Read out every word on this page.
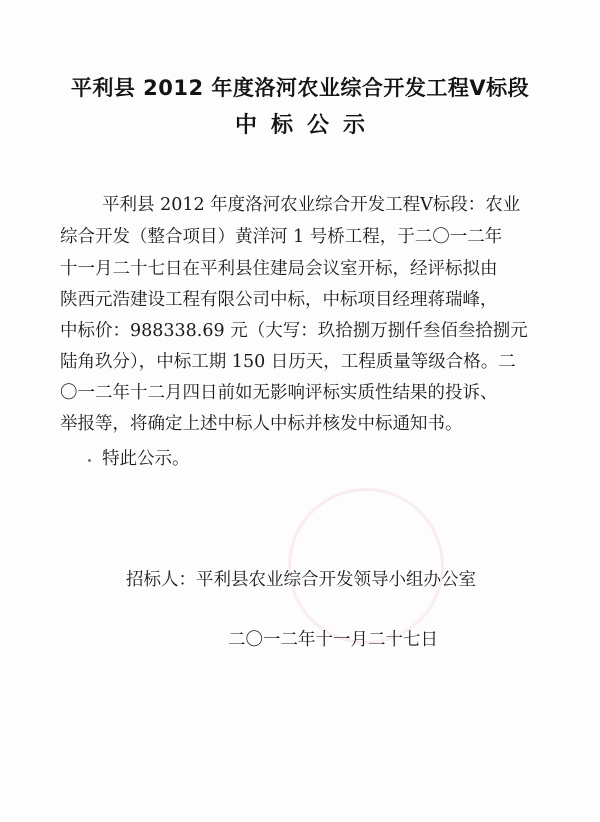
平利县 2012 年度洛河农业综合开发工程Ⅴ标段
中标公示
平利县 2012 年度洛河农业综合开发工程Ⅴ标段：农业
综合开发（整合项目）黄洋河 1 号桥工程，于二〇一二年
十一月二十七日在平利县住建局会议室开标，经评标拟由
陕西元浩建设工程有限公司中标，中标项目经理蒋瑞峰，
中标价：988338.69 元（大写：玖拾捌万捌仟叁佰叁拾捌元
陆角玖分），中标工期 150 日历天，工程质量等级合格。二
〇一二年十二月四日前如无影响评标实质性结果的投诉、
举报等，将确定上述中标人中标并核发中标通知书。
特此公示。
招标人：平利县农业综合开发领导小组办公室
二〇一二年十一月二十七日
